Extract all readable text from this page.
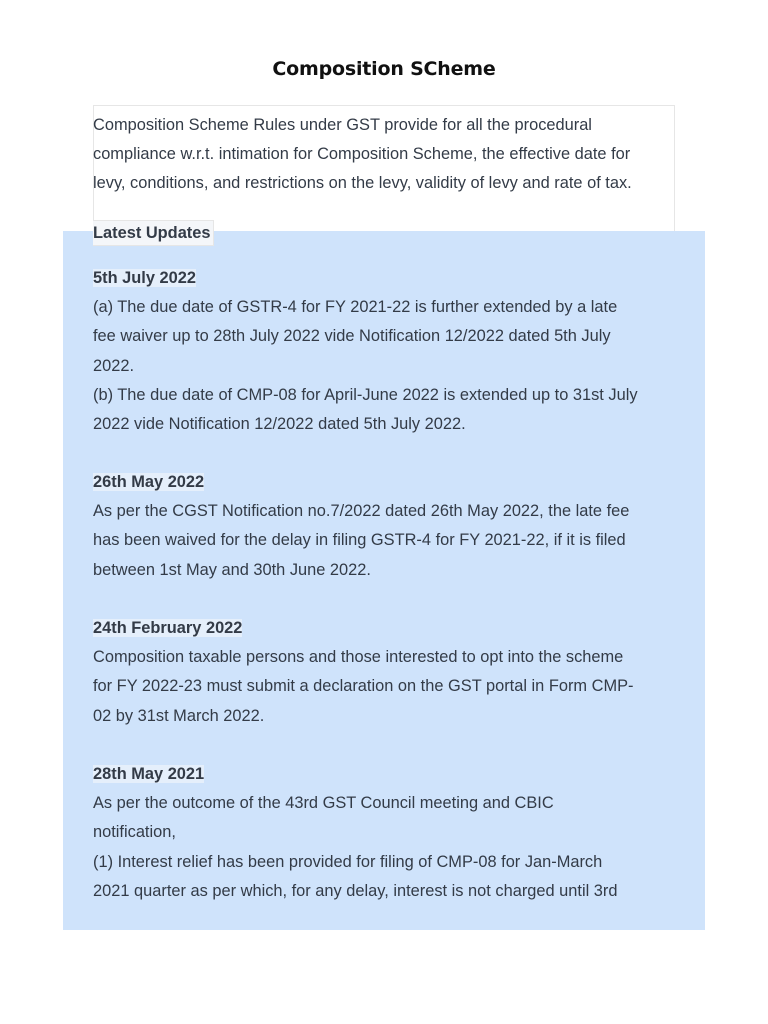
Composition SCheme
Composition Scheme Rules under GST provide for all the procedural
compliance w.r.t. intimation for Composition Scheme, the effective date for
levy, conditions, and restrictions on the levy, validity of levy and rate of tax.
Latest Updates
5th July 2022
(a) The due date of GSTR-4 for FY 2021-22 is further extended by a late
fee waiver up to 28th July 2022 vide Notification 12/2022 dated 5th July
2022.
(b) The due date of CMP-08 for April-June 2022 is extended up to 31st July
2022 vide Notification 12/2022 dated 5th July 2022.
26th May 2022
As per the CGST Notification no.7/2022 dated 26th May 2022, the late fee
has been waived for the delay in filing GSTR-4 for FY 2021-22, if it is filed
between 1st May and 30th June 2022.
24th February 2022
Composition taxable persons and those interested to opt into the scheme
for FY 2022-23 must submit a declaration on the GST portal in Form CMP-
02 by 31st March 2022.
28th May 2021
As per the outcome of the 43rd GST Council meeting and CBIC
notification,
(1) Interest relief has been provided for filing of CMP-08 for Jan-March
2021 quarter as per which, for any delay, interest is not charged until 3rd
